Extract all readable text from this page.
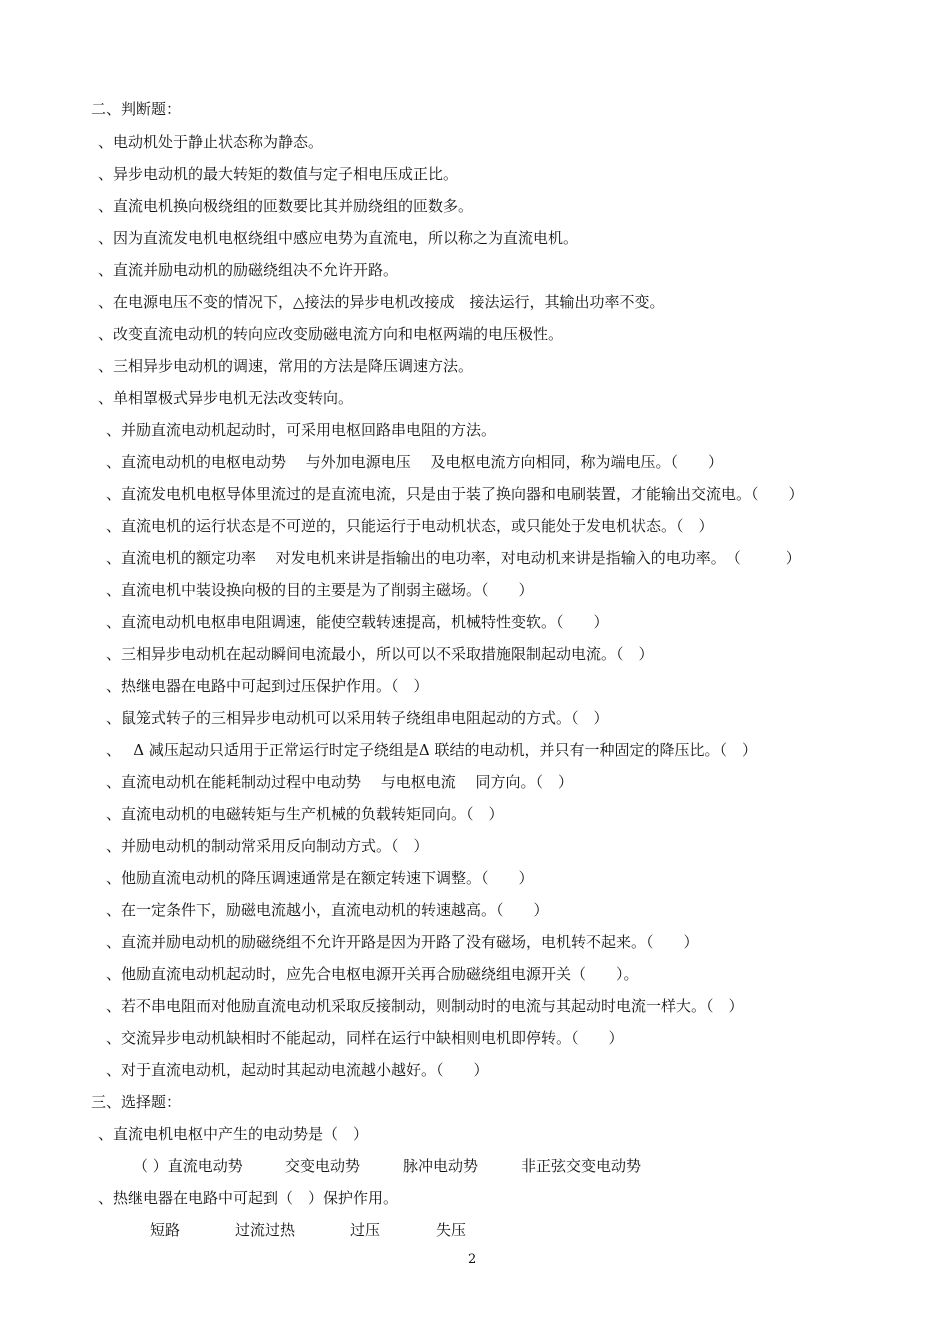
二、判断题：
、电动机处于静止状态称为静态。
、异步电动机的最大转矩的数值与定子相电压成正比。
、直流电机换向极绕组的匝数要比其并励绕组的匝数多。
、因为直流发电机电枢绕组中感应电势为直流电，所以称之为直流电机。
、直流并励电动机的励磁绕组决不允许开路。
、在电源电压不变的情况下，△接法的异步电机改接成　接法运行，其输出功率不变。
、改变直流电动机的转向应改变励磁电流方向和电枢两端的电压极性。
、三相异步电动机的调速，常用的方法是降压调速方法。
、单相罩极式异步电机无法改变转向。
、并励直流电动机起动时，可采用电枢回路串电阻的方法。
、直流电动机的电枢电动势　 与外加电源电压　 及电枢电流方向相同，称为端电压。（　　）
、直流发电机电枢导体里流过的是直流电流，只是由于装了换向器和电刷装置，才能输出交流电。（　　）
、直流电机的运行状态是不可逆的，只能运行于电动机状态，或只能处于发电机状态。（　）
、直流电机的额定功率　 对发电机来讲是指输出的电功率，对电动机来讲是指输入的电功率。　（　　　）
、直流电机中装设换向极的目的主要是为了削弱主磁场。（　　）
、直流电动机电枢串电阻调速，能使空载转速提高，机械特性变软。（　　）
、三相异步电动机在起动瞬间电流最小，所以可以不采取措施限制起动电流。（　）
、热继电器在电路中可起到过压保护作用。（　）
、鼠笼式转子的三相异步电动机可以采用转子绕组串电阻起动的方式。（　）
、　 Δ 减压起动只适用于正常运行时定子绕组是Δ 联结的电动机，并只有一种固定的降压比。（　）
、直流电动机在能耗制动过程中电动势　 与电枢电流　 同方向。（　）
、直流电动机的电磁转矩与生产机械的负载转矩同向。（　）
、并励电动机的制动常采用反向制动方式。（　）
、他励直流电动机的降压调速通常是在额定转速下调整。（　　）
、在一定条件下，励磁电流越小，直流电动机的转速越高。（　　）
、直流并励电动机的励磁绕组不允许开路是因为开路了没有磁场，电机转不起来。（　　）
、他励直流电动机起动时，应先合电枢电源开关再合励磁绕组电源开关（　　）。
、若不串电阻而对他励直流电动机采取反接制动，则制动时的电流与其起动时电流一样大。（　）
、交流异步电动机缺相时不能起动，同样在运行中缺相则电机即停转。（　　）
、对于直流电动机，起动时其起动电流越小越好。（　　）
三、选择题：
、直流电机电枢中产生的电动势是（　）
（ ）直流电动势	交变电动势	脉冲电动势	非正弦交变电动势
、热继电器在电路中可起到（　）保护作用。
短路	过流过热	过压	失压
2
